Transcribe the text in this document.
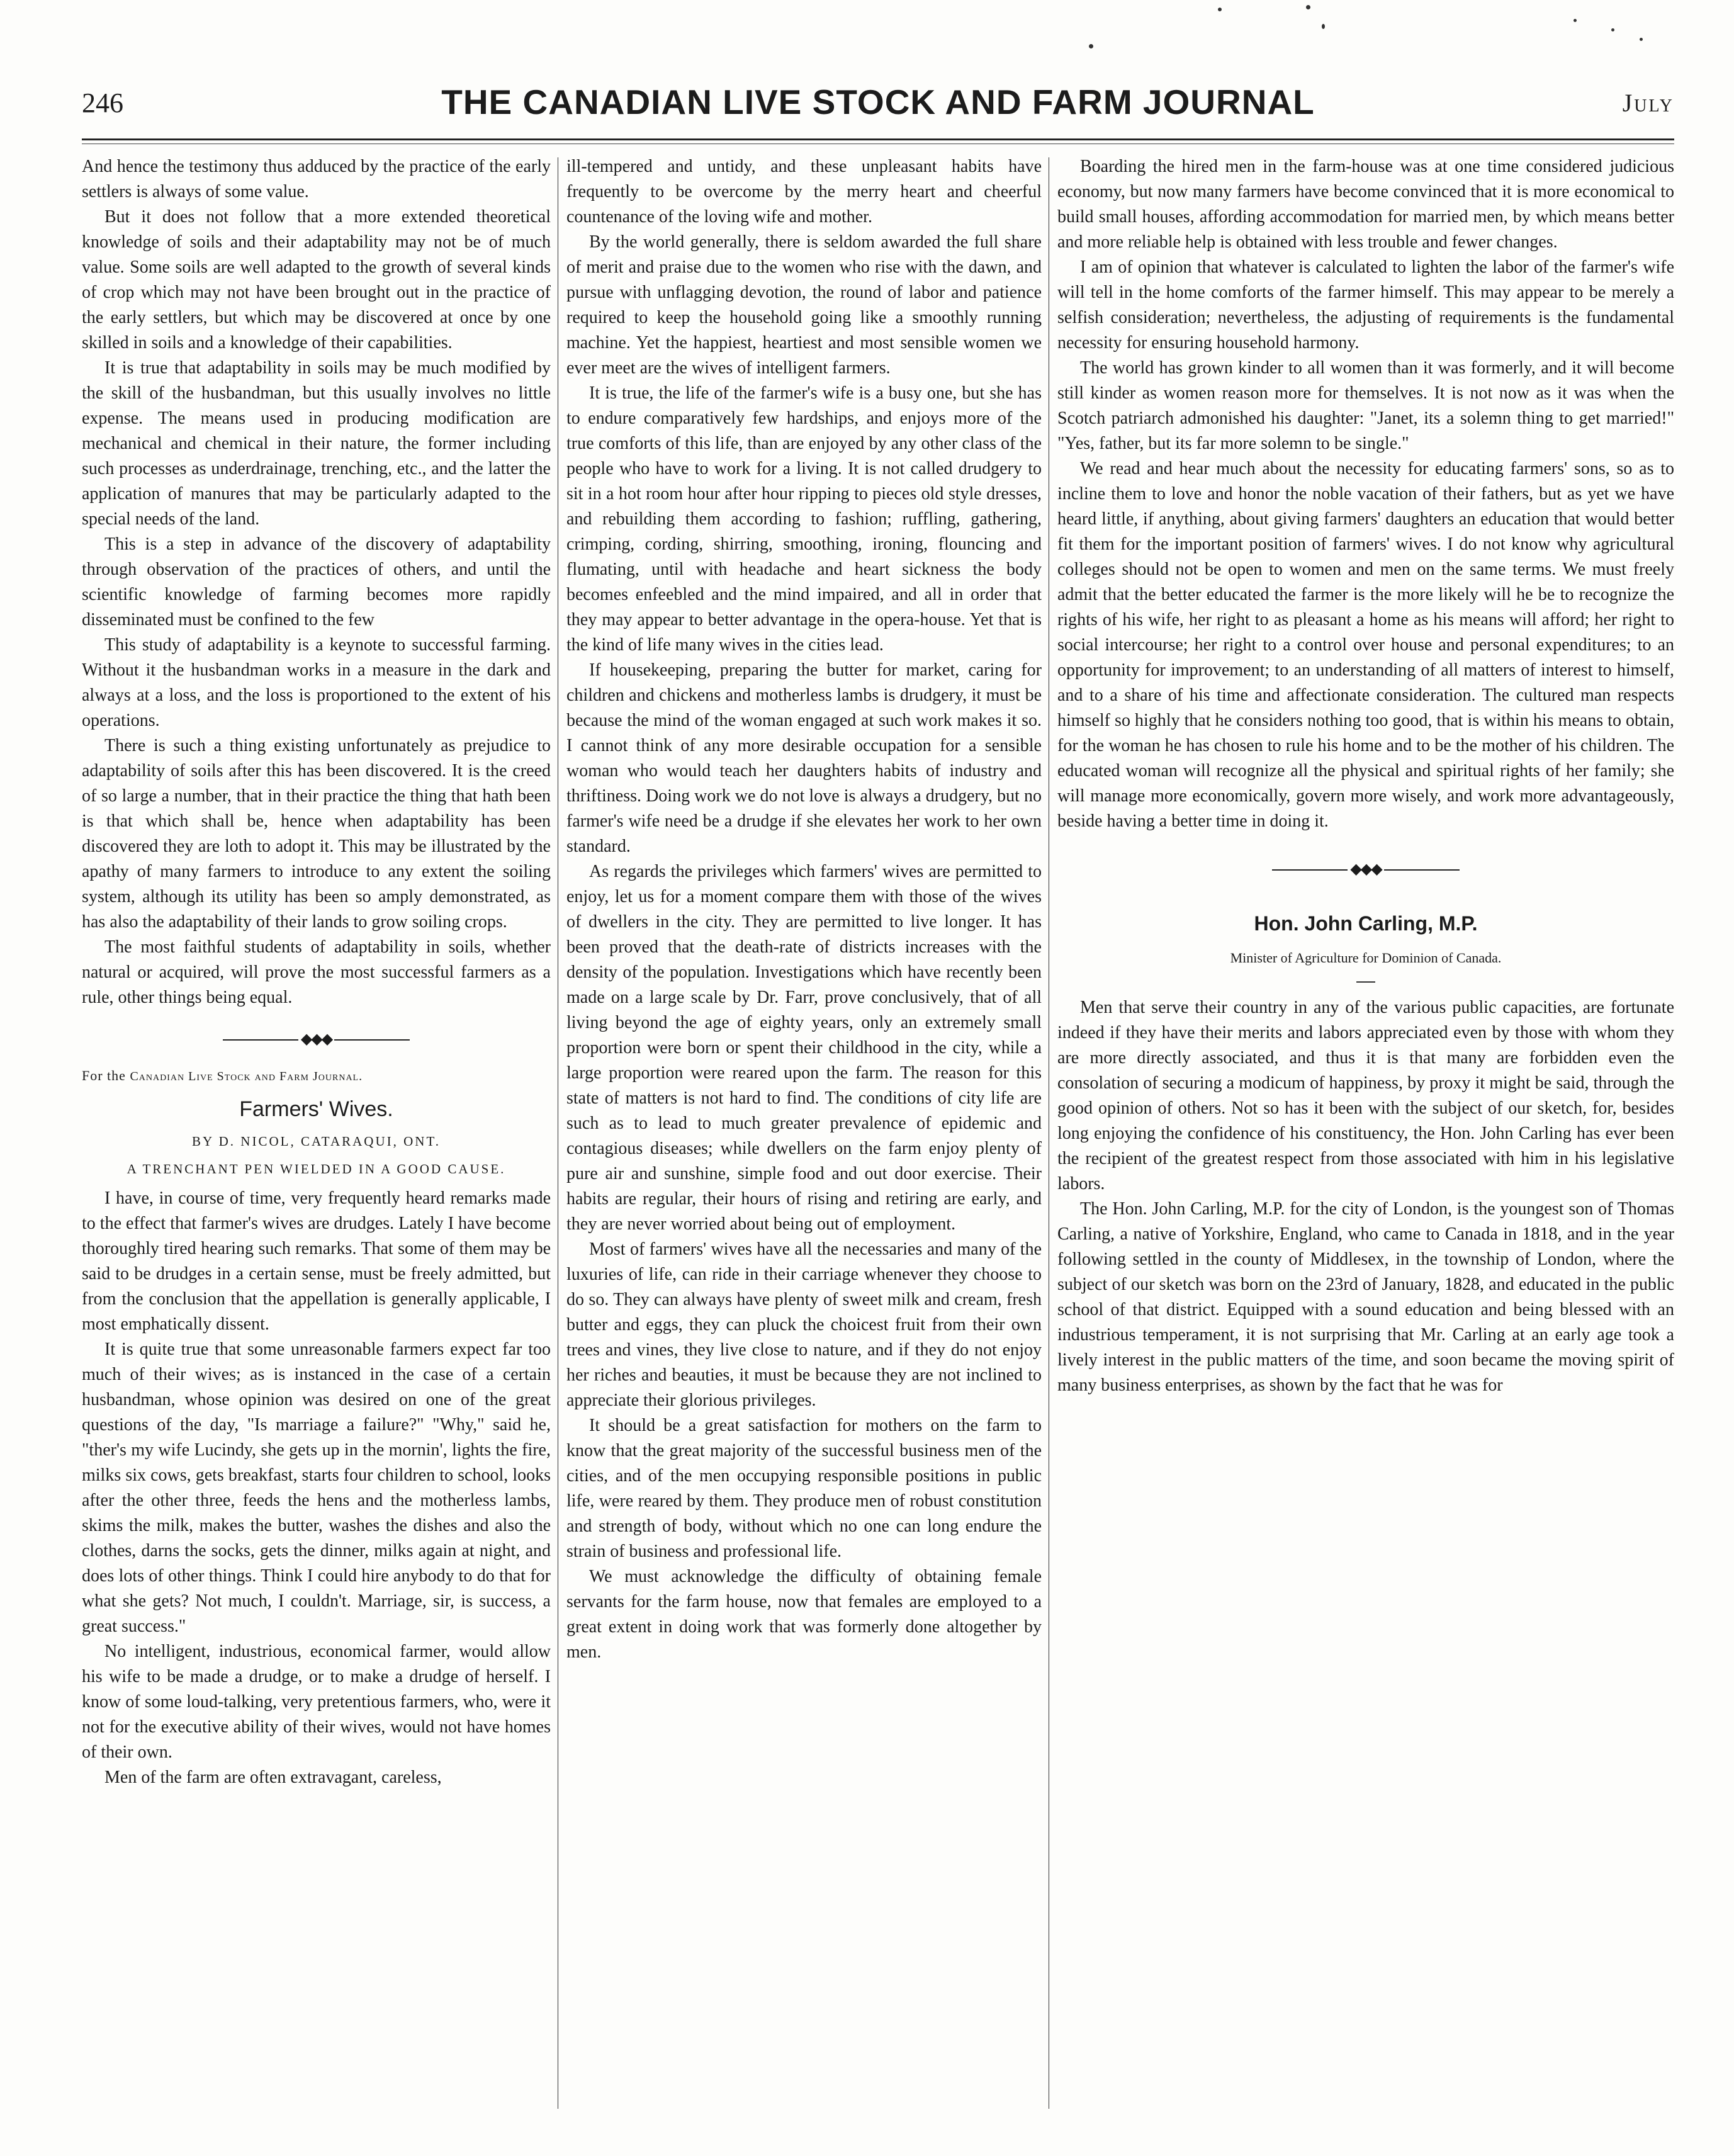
246	THE CANADIAN LIVE STOCK AND FARM JOURNAL	July

And hence the testimony thus adduced by the practice of the early settlers is always of some value.

But it does not follow that a more extended theoretical knowledge of soils and their adaptability may not be of much value. Some soils are well adapted to the growth of several kinds of crop which may not have been brought out in the practice of the early settlers, but which may be discovered at once by one skilled in soils and a knowledge of their capabilities.

It is true that adaptability in soils may be much modified by the skill of the husbandman, but this usually involves no little expense. The means used in producing modification are mechanical and chemical in their nature, the former including such processes as underdrainage, trenching, etc., and the latter the application of manures that may be particularly adapted to the special needs of the land.

This is a step in advance of the discovery of adaptability through observation of the practices of others, and until the scientific knowledge of farming becomes more rapidly disseminated must be confined to the few

This study of adaptability is a keynote to successful farming. Without it the husbandman works in a measure in the dark and always at a loss, and the loss is proportioned to the extent of his operations.

There is such a thing existing unfortunately as prejudice to adaptability of soils after this has been discovered. It is the creed of so large a number, that in their practice the thing that hath been is that which shall be, hence when adaptability has been discovered they are loth to adopt it. This may be illustrated by the apathy of many farmers to introduce to any extent the soiling system, although its utility has been so amply demonstrated, as has also the adaptability of their lands to grow soiling crops.

The most faithful students of adaptability in soils, whether natural or acquired, will prove the most successful farmers as a rule, other things being equal.

◆◆◆
For the Canadian Live Stock and Farm Journal.
Farmers' Wives.
BY D. NICOL, CATARAQUI, ONT.
A TRENCHANT PEN WIELDED IN A GOOD CAUSE.

I have, in course of time, very frequently heard remarks made to the effect that farmer's wives are drudges. Lately I have become thoroughly tired hearing such remarks. That some of them may be said to be drudges in a certain sense, must be freely admitted, but from the conclusion that the appellation is generally applicable, I most emphatically dissent.

It is quite true that some unreasonable farmers expect far too much of their wives; as is instanced in the case of a certain husbandman, whose opinion was desired on one of the great questions of the day, "Is marriage a failure?" "Why," said he, "ther's my wife Lucindy, she gets up in the mornin', lights the fire, milks six cows, gets breakfast, starts four children to school, looks after the other three, feeds the hens and the motherless lambs, skims the milk, makes the butter, washes the dishes and also the clothes, darns the socks, gets the dinner, milks again at night, and does lots of other things. Think I could hire anybody to do that for what she gets? Not much, I couldn't. Marriage, sir, is success, a great success."

No intelligent, industrious, economical farmer, would allow his wife to be made a drudge, or to make a drudge of herself. I know of some loud-talking, very pretentious farmers, who, were it not for the executive ability of their wives, would not have homes of their own.

Men of the farm are often extravagant, careless,

ill-tempered and untidy, and these unpleasant habits have frequently to be overcome by the merry heart and cheerful countenance of the loving wife and mother.

By the world generally, there is seldom awarded the full share of merit and praise due to the women who rise with the dawn, and pursue with unflagging devotion, the round of labor and patience required to keep the household going like a smoothly running machine. Yet the happiest, heartiest and most sensible women we ever meet are the wives of intelligent farmers.

It is true, the life of the farmer's wife is a busy one, but she has to endure comparatively few hardships, and enjoys more of the true comforts of this life, than are enjoyed by any other class of the people who have to work for a living. It is not called drudgery to sit in a hot room hour after hour ripping to pieces old style dresses, and rebuilding them according to fashion; ruffling, gathering, crimping, cording, shirring, smoothing, ironing, flouncing and flumating, until with headache and heart sickness the body becomes enfeebled and the mind impaired, and all in order that they may appear to better advantage in the opera-house. Yet that is the kind of life many wives in the cities lead.

If housekeeping, preparing the butter for market, caring for children and chickens and motherless lambs is drudgery, it must be because the mind of the woman engaged at such work makes it so. I cannot think of any more desirable occupation for a sensible woman who would teach her daughters habits of industry and thriftiness. Doing work we do not love is always a drudgery, but no farmer's wife need be a drudge if she elevates her work to her own standard.

As regards the privileges which farmers' wives are permitted to enjoy, let us for a moment compare them with those of the wives of dwellers in the city. They are permitted to live longer. It has been proved that the death-rate of districts increases with the density of the population. Investigations which have recently been made on a large scale by Dr. Farr, prove conclusively, that of all living beyond the age of eighty years, only an extremely small proportion were born or spent their childhood in the city, while a large proportion were reared upon the farm. The reason for this state of matters is not hard to find. The conditions of city life are such as to lead to much greater prevalence of epidemic and contagious diseases; while dwellers on the farm enjoy plenty of pure air and sunshine, simple food and out door exercise. Their habits are regular, their hours of rising and retiring are early, and they are never worried about being out of employment.

Most of farmers' wives have all the necessaries and many of the luxuries of life, can ride in their carriage whenever they choose to do so. They can always have plenty of sweet milk and cream, fresh butter and eggs, they can pluck the choicest fruit from their own trees and vines, they live close to nature, and if they do not enjoy her riches and beauties, it must be because they are not inclined to appreciate their glorious privileges.

It should be a great satisfaction for mothers on the farm to know that the great majority of the successful business men of the cities, and of the men occupying responsible positions in public life, were reared by them. They produce men of robust constitution and strength of body, without which no one can long endure the strain of business and professional life.

We must acknowledge the difficulty of obtaining female servants for the farm house, now that females are employed to a great extent in doing work that was formerly done altogether by men.

Boarding the hired men in the farm-house was at one time considered judicious economy, but now many farmers have become convinced that it is more economical to build small houses, affording accommodation for married men, by which means better and more reliable help is obtained with less trouble and fewer changes.

I am of opinion that whatever is calculated to lighten the labor of the farmer's wife will tell in the home comforts of the farmer himself. This may appear to be merely a selfish consideration; nevertheless, the adjusting of requirements is the fundamental necessity for ensuring household harmony.

The world has grown kinder to all women than it was formerly, and it will become still kinder as women reason more for themselves. It is not now as it was when the Scotch patriarch admonished his daughter: "Janet, its a solemn thing to get married!" "Yes, father, but its far more solemn to be single."

We read and hear much about the necessity for educating farmers' sons, so as to incline them to love and honor the noble vacation of their fathers, but as yet we have heard little, if anything, about giving farmers' daughters an education that would better fit them for the important position of farmers' wives. I do not know why agricultural colleges should not be open to women and men on the same terms. We must freely admit that the better educated the farmer is the more likely will he be to recognize the rights of his wife, her right to as pleasant a home as his means will afford; her right to social intercourse; her right to a control over house and personal expenditures; to an opportunity for improvement; to an understanding of all matters of interest to himself, and to a share of his time and affectionate consideration. The cultured man respects himself so highly that he considers nothing too good, that is within his means to obtain, for the woman he has chosen to rule his home and to be the mother of his children. The educated woman will recognize all the physical and spiritual rights of her family; she will manage more economically, govern more wisely, and work more advantageously, beside having a better time in doing it.

◆◆◆
Hon. John Carling, M.P.
Minister of Agriculture for Dominion of Canada.

Men that serve their country in any of the various public capacities, are fortunate indeed if they have their merits and labors appreciated even by those with whom they are more directly associated, and thus it is that many are forbidden even the consolation of securing a modicum of happiness, by proxy it might be said, through the good opinion of others. Not so has it been with the subject of our sketch, for, besides long enjoying the confidence of his constituency, the Hon. John Carling has ever been the recipient of the greatest respect from those associated with him in his legislative labors.

The Hon. John Carling, M.P. for the city of London, is the youngest son of Thomas Carling, a native of Yorkshire, England, who came to Canada in 1818, and in the year following settled in the county of Middlesex, in the township of London, where the subject of our sketch was born on the 23rd of January, 1828, and educated in the public school of that district. Equipped with a sound education and being blessed with an industrious temperament, it is not surprising that Mr. Carling at an early age took a lively interest in the public matters of the time, and soon became the moving spirit of many business enterprises, as shown by the fact that he was for
